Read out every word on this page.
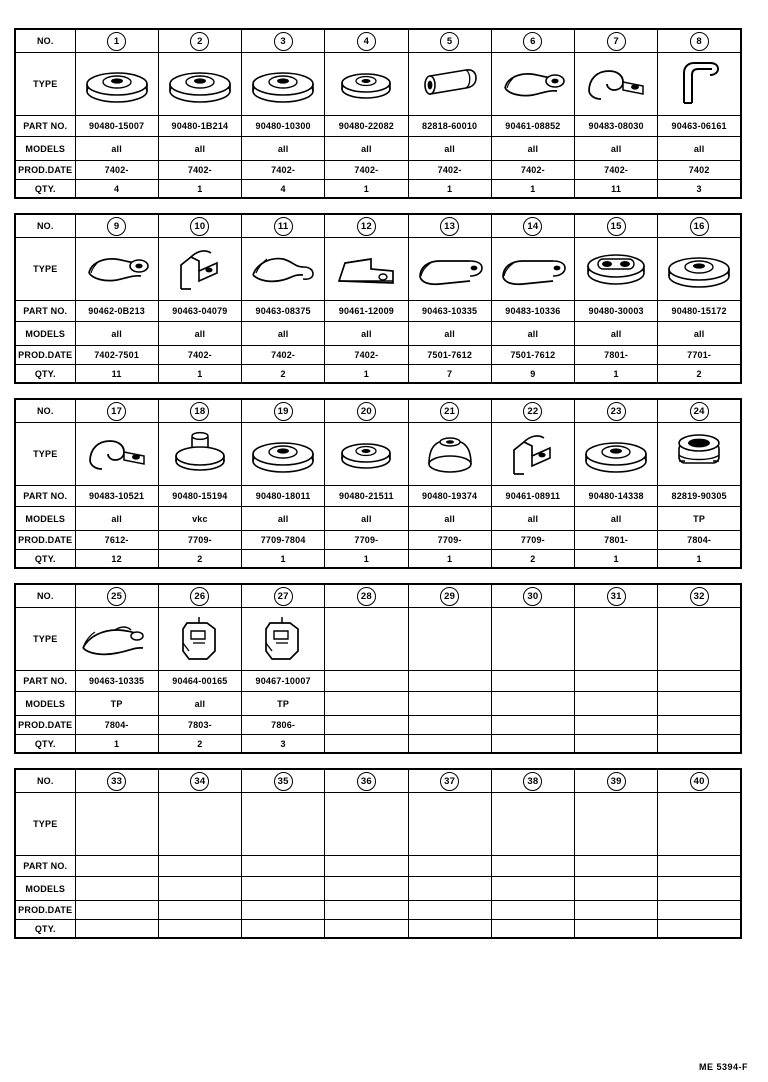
NO.	1	2	3	4	5	6	7	8
TYPE	

PART NO.	90480-15007	90480-1B214	90480-10300	90480-22082	82818-60010	90461-08852	90483-08030	90463-06161
MODELS	all	all	all	all	all	all	all	all
PROD.DATE	7402-	7402-	7402-	7402-	7402-	7402-	7402-	7402
QTY.	4	1	4	1	1	1	11	3
NO.	9	10	11	12	13	14	15	16
TYPE	

PART NO.	90462-0B213	90463-04079	90463-08375	90461-12009	90463-10335	90483-10336	90480-30003	90480-15172
MODELS	all	all	all	all	all	all	all	all
PROD.DATE	7402-7501	7402-	7402-	7402-	7501-7612	7501-7612	7801-	7701-
QTY.	11	1	2	1	7	9	1	2
NO.	17	18	19	20	21	22	23	24
TYPE	

PART NO.	90483-10521	90480-15194	90480-18011	90480-21511	90480-19374	90461-08911	90480-14338	82819-90305
MODELS	all	vkc	all	all	all	all	all	TP
PROD.DATE	7612-	7709-	7709-7804	7709-	7709-	7709-	7801-	7804-
QTY.	12	2	1	1	1	2	1	1
NO.	25	26	27	28	29	30	31	32
TYPE	

PART NO.	90463-10335	90464-00165	90467-10007					
MODELS	TP	all	TP					
PROD.DATE	7804-	7803-	7806-					
QTY.	1	2	3					
NO.	33	34	35	36	37	38	39	40
TYPE	

PART NO.								
MODELS								
PROD.DATE								
QTY.								
ME 5394-F
